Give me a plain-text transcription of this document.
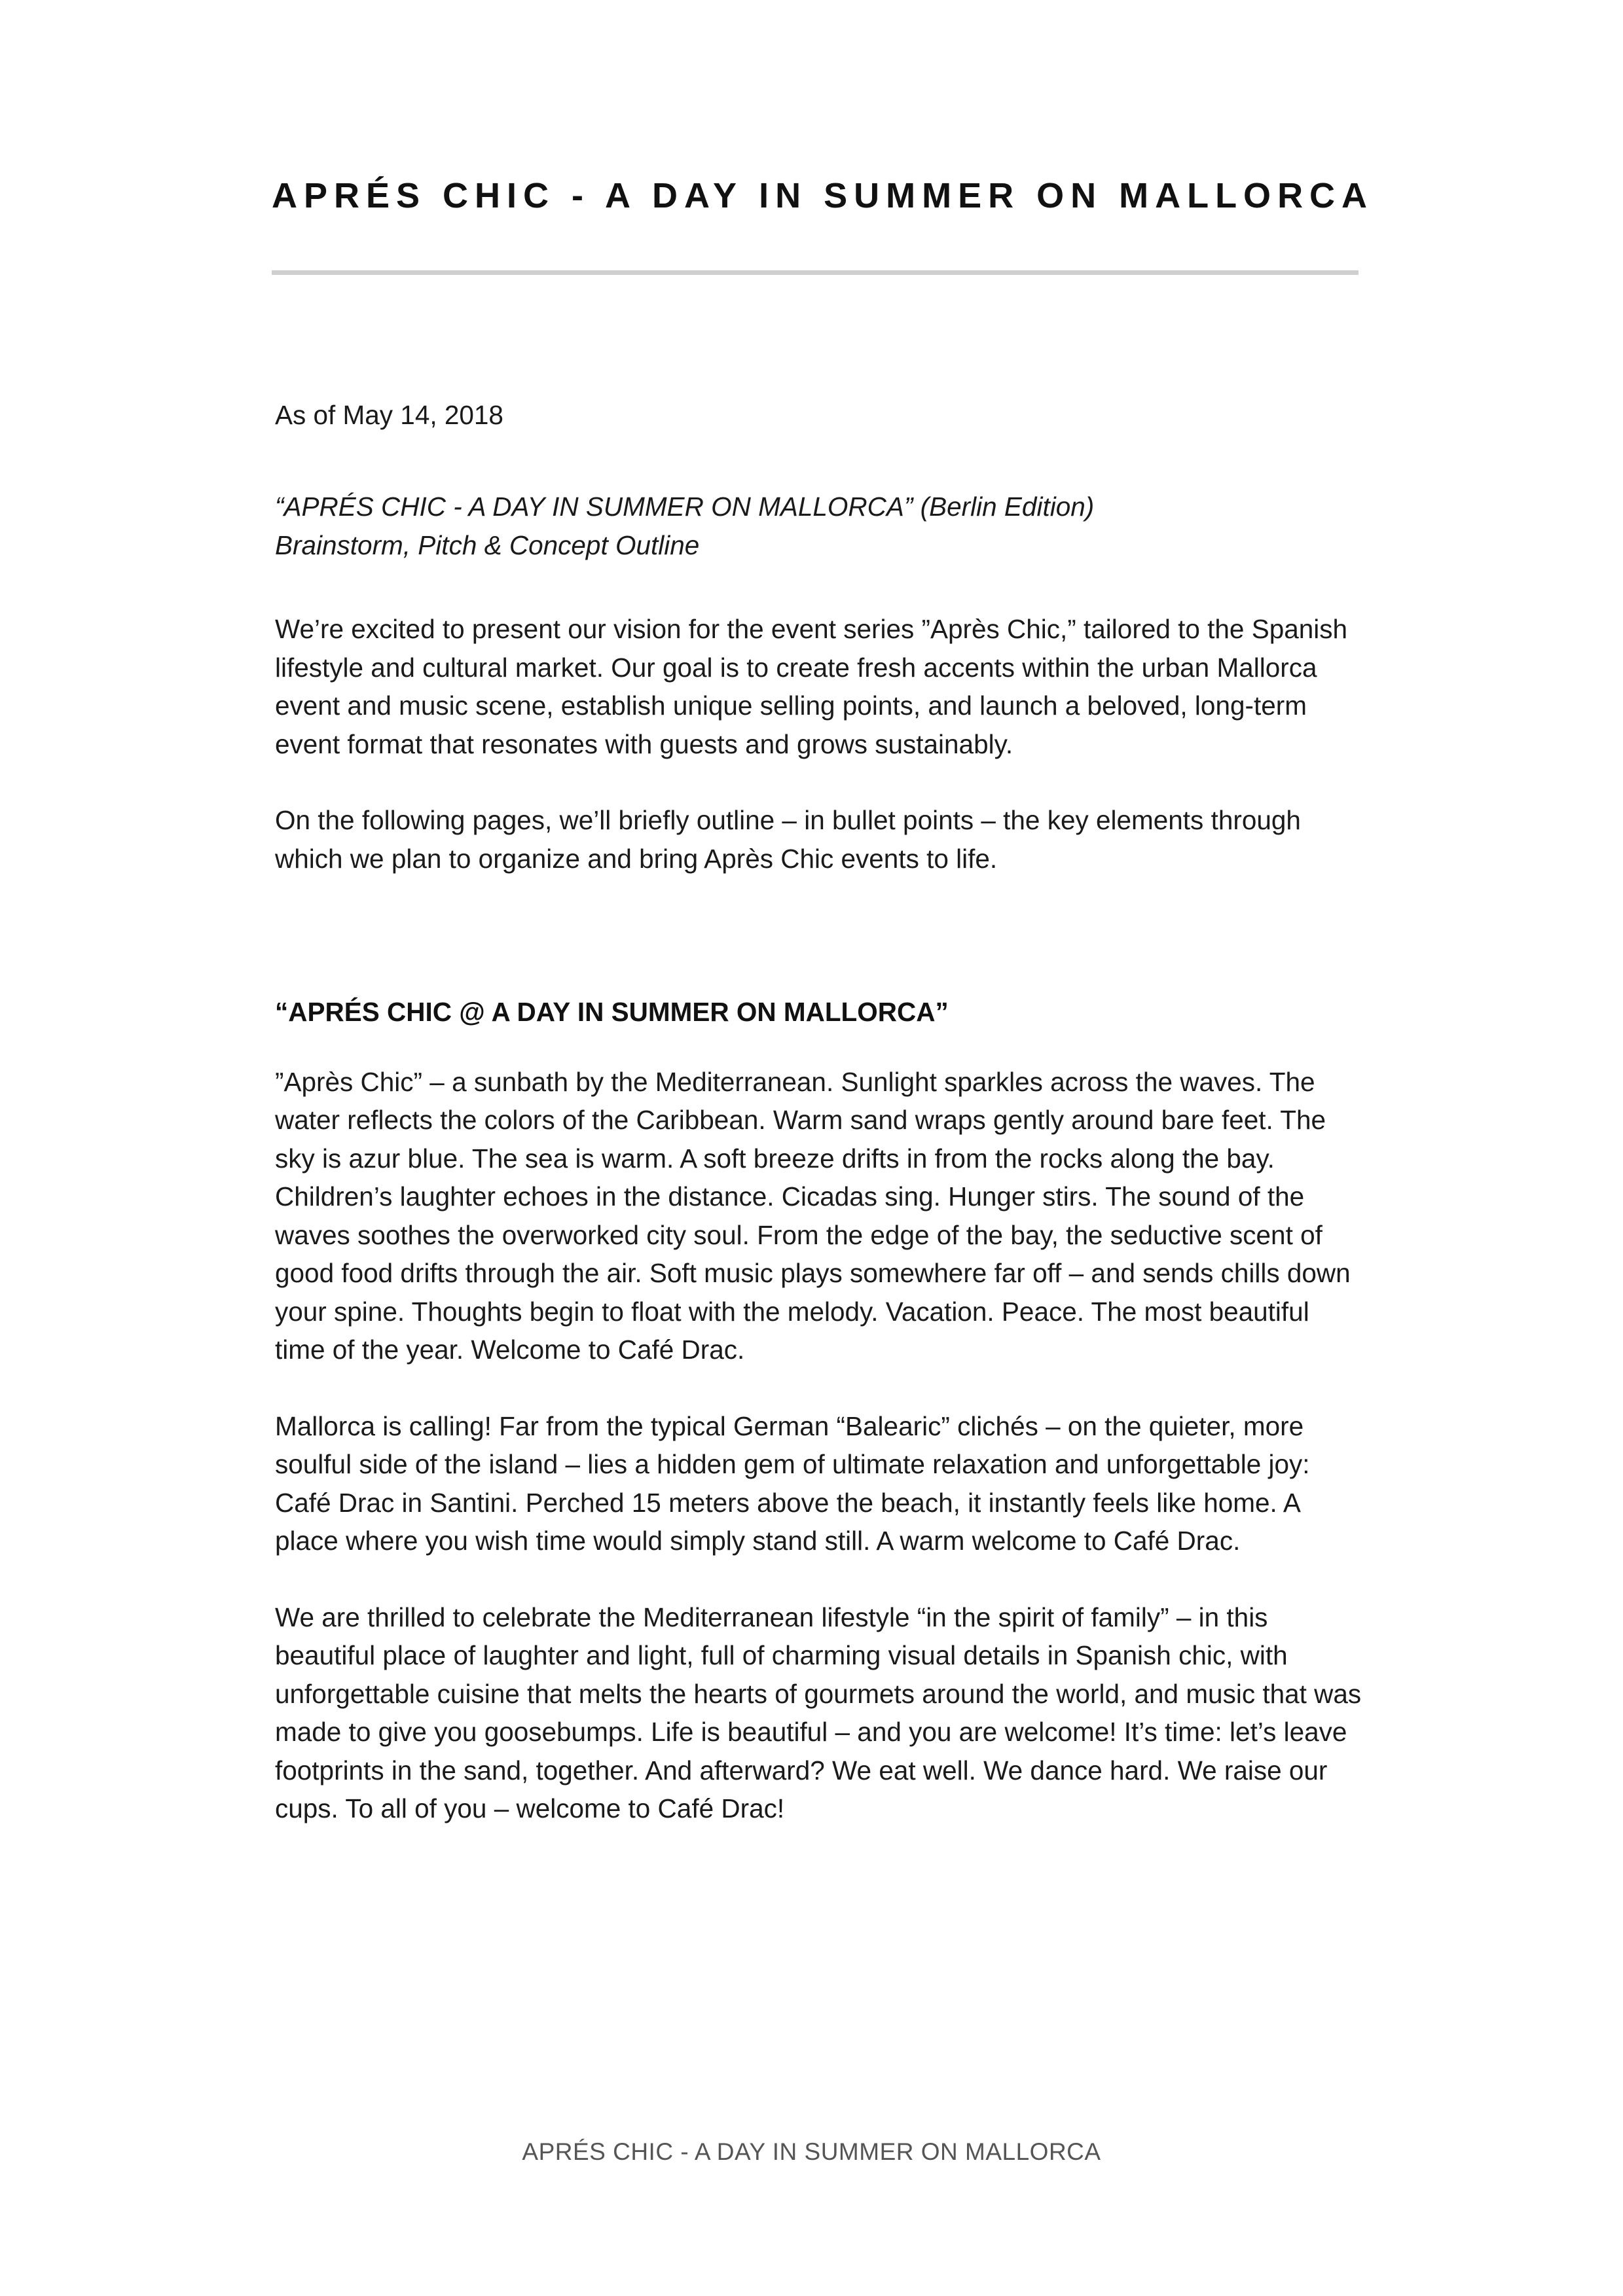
APRÉS CHIC - A DAY IN SUMMER ON MALLORCA
As of May 14, 2018

“APRÉS CHIC - A DAY IN SUMMER ON MALLORCA” (Berlin Edition)

Brainstorm, Pitch & Concept Outline

We’re excited to present our vision for the event series ”Après Chic,” tailored to the Spanish lifestyle and cultural market. Our goal is to create fresh accents within the urban Mallorca event and music scene, establish unique selling points, and launch a beloved, long-term event format that resonates with guests and grows sustainably.

On the following pages, we’ll briefly outline – in bullet points – the key elements through which we plan to organize and bring Après Chic events to life.

“APRÉS CHIC @ A DAY IN SUMMER ON MALLORCA”

”Après Chic” – a sunbath by the Mediterranean. Sunlight sparkles across the waves. The water reflects the colors of the Caribbean. Warm sand wraps gently around bare feet. The sky is azur blue. The sea is warm. A soft breeze drifts in from the rocks along the bay. Children’s laughter echoes in the distance. Cicadas sing. Hunger stirs. The sound of the waves soothes the overworked city soul. From the edge of the bay, the seductive scent of good food drifts through the air. Soft music plays somewhere far off – and sends chills down your spine. Thoughts begin to float with the melody. Vacation. Peace. The most beautiful time of the year. Welcome to Café Drac.

Mallorca is calling! Far from the typical German “Balearic” clichés – on the quieter, more soulful side of the island – lies a hidden gem of ultimate relaxation and unforgettable joy: Café Drac in Santini. Perched 15 meters above the beach, it instantly feels like home. A place where you wish time would simply stand still. A warm welcome to Café Drac.

We are thrilled to celebrate the Mediterranean lifestyle “in the spirit of family” – in this beautiful place of laughter and light, full of charming visual details in Spanish chic, with unforgettable cuisine that melts the hearts of gourmets around the world, and music that was made to give you goosebumps. Life is beautiful – and you are welcome! It’s time: let’s leave footprints in the sand, together. And afterward? We eat well. We dance hard. We raise our cups. To all of you – welcome to Café Drac!

APRÉS CHIC - A DAY IN SUMMER ON MALLORCA
